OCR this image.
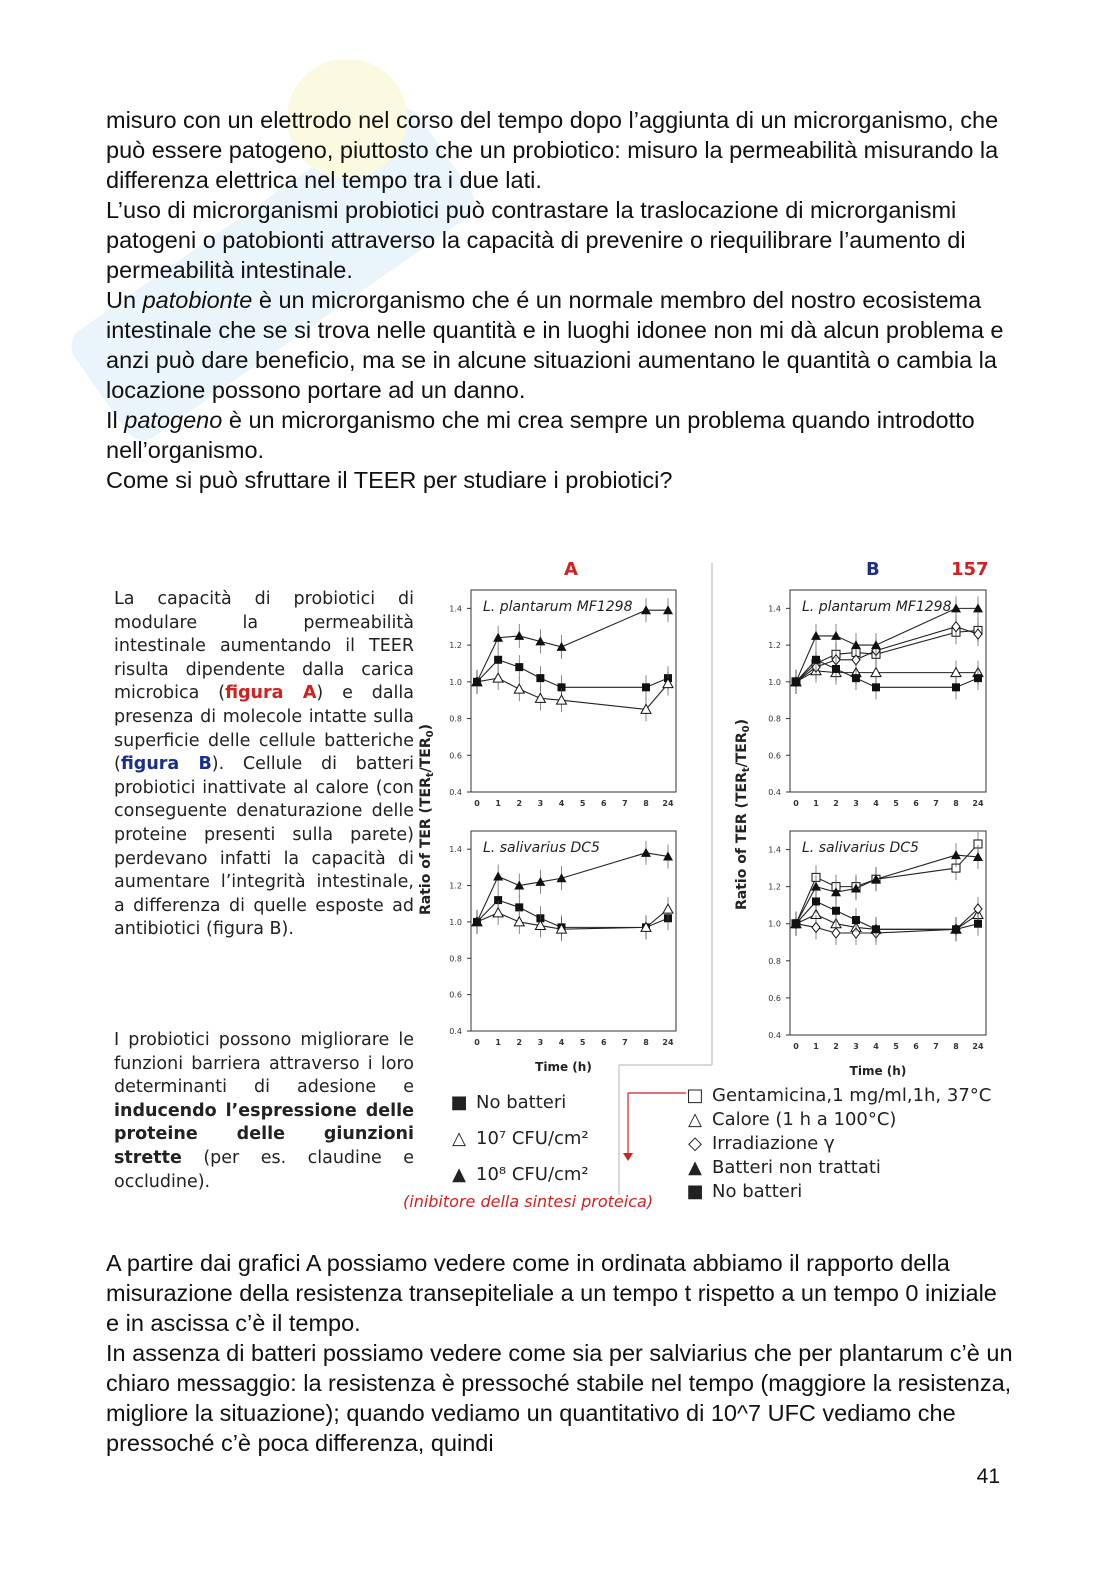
misuro con un elettrodo nel corso del tempo dopo l’aggiunta di un microrganismo, che può essere patogeno, piuttosto che un probiotico: misuro la permeabilità misurando la differenza elettrica nel tempo tra i due lati.

L’uso di microrganismi probiotici può contrastare la traslocazione di microrganismi patogeni o patobionti attraverso la capacità di prevenire o riequilibrare l’aumento di permeabilità intestinale.

Un patobionte è un microrganismo che é un normale membro del nostro ecosistema intestinale che se si trova nelle quantità e in luoghi idonee non mi dà alcun problema e anzi può dare beneficio, ma se in alcune situazioni aumentano le quantità o cambia la locazione possono portare ad un danno.

Il patogeno è un microrganismo che mi crea sempre un problema quando introdotto nell’organismo.

Come si può sfruttare il TEER per studiare i probiotici?

La capacità di probiotici di modulare la permeabilità intestinale aumentando il TEER risulta dipendente dalla carica microbica (figura A) e dalla presenza di molecole intatte sulla superficie delle cellule batteriche (figura B). Cellule di batteri probiotici inattivate al calore (con conseguente denaturazione delle proteine presenti sulla parete) perdevano infatti la capacità di aumentare l’integrità intestinale, a differenza di quelle esposte ad antibiotici (figura B).
I probiotici possono migliorare le funzioni barriera attraverso i loro determinanti di adesione e inducendo l’espressione delle proteine delle giunzioni strette (per es. claudine e occludine).
A	B	157
Ratio of TER $(TER_t/TER_0)$
Ratio of TER $(TER_t/TER_0)$
L. plantarum MF1298
0.4
0.6
0.8
1.0
1.2
1.4
0 1 2 3 4 5 6 7 8 24
L. salivarius DC5
0.4
0.6
0.8
1.0
1.2
1.4
0 1 2 3 4 5 6 7 8 24
Time (h)
L. plantarum MF1298
0.4
0.6
0.8
1.0
1.2
1.4
0 1 2 3 4 5 6 7 8 24
L. salivarius DC5
0.4
0.6
0.8
1.0
1.2
1.4
0 1 2 3 4 5 6 7 8 24
Time (h)
■ No batteri
△ 10⁷ CFU/cm²
▲ 10⁸ CFU/cm²
□ Gentamicina,1 mg/ml,1h, 37°C
△ Calore (1 h a 100°C)
◇ Irradiazione γ
▲ Batteri non trattati
■ No batteri
(inibitore della sintesi proteica)

A partire dai grafici A possiamo vedere come in ordinata abbiamo il rapporto della misurazione della resistenza transepiteliale a un tempo t rispetto a un tempo 0 iniziale e in ascissa c’è il tempo.

In assenza di batteri possiamo vedere come sia per salviarius che per plantarum c’è un chiaro messaggio: la resistenza è pressoché stabile nel tempo (maggiore la resistenza, migliore la situazione); quando vediamo un quantitativo di 10^7 UFC vediamo che pressoché c’è poca differenza, quindi

41
